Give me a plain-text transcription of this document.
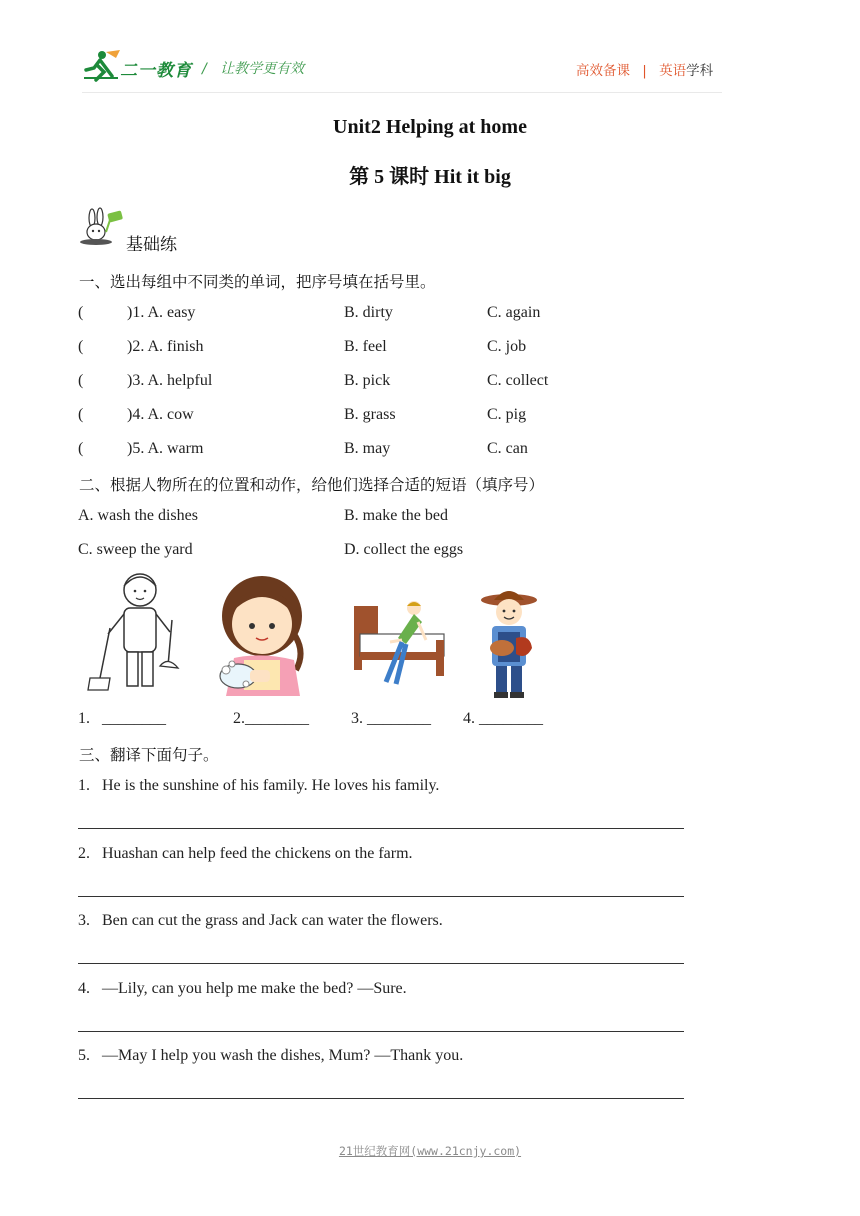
二一教育 / 让教学更有效	高效备课 | 英语学科
Unit2 Helping at home
第 5 课时 Hit it big
基础练
一、选出每组中不同类的单词，把序号填在括号里。
(	)1. A. easy	B. dirty	C. again
(	)2. A. finish	B. feel	C. job
(	)3. A. helpful	B. pick	C. collect
(	)4. A. cow	B. grass	C. pig
(	)5. A. warm	B. may	C. can
二、根据人物所在的位置和动作，给他们选择合适的短语（填序号）
A. wash the dishes	B. make the bed
C. sweep the yard	D. collect the eggs
1.   ________	2.________	3. ________ 4. ________
三、翻译下面句子。
1.   He is the sunshine of his family. He loves his family.
2.   Huashan can help feed the chickens on the farm.
3.   Ben can cut the grass and Jack can water the flowers.
4.   —Lily, can you help me make the bed? —Sure.
5.   —May I help you wash the dishes, Mum? —Thank you.
21世纪教育网(www.21cnjy.com)
